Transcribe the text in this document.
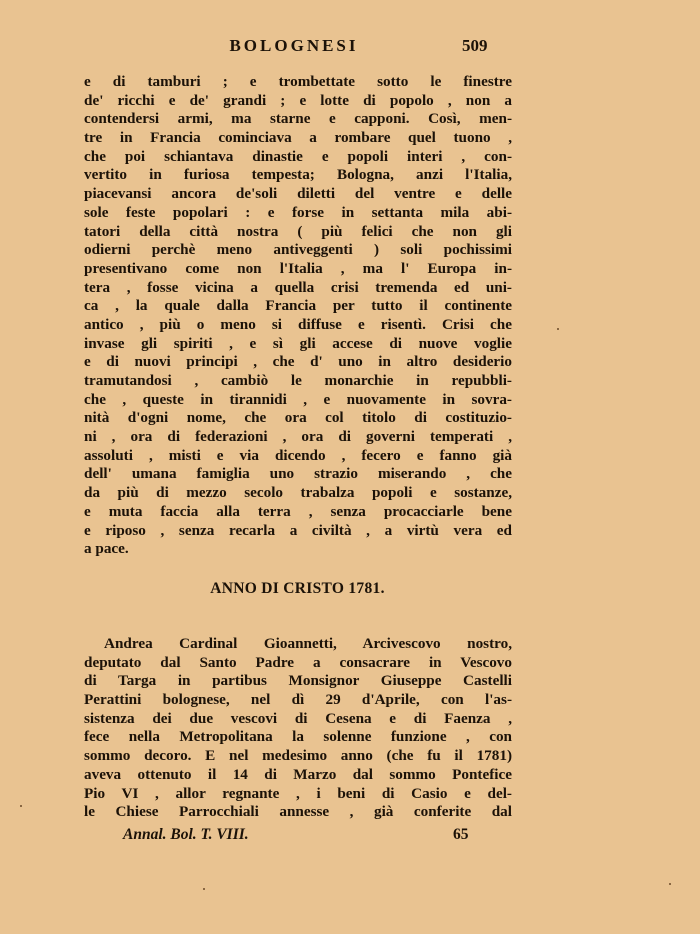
BOLOGNESI	509
e di tamburi ; e trombettate sotto le finestre
de' ricchi e de' grandi ; e lotte di popolo , non a
contendersi armi, ma starne e capponi. Così, men-
tre in Francia cominciava a rombare quel tuono ,
che poi schiantava dinastie e popoli interi , con-
vertito in furiosa tempesta; Bologna, anzi l'Italia,
piacevansi ancora de'soli diletti del ventre e delle
sole feste popolari : e forse in settanta mila abi-
tatori della città nostra ( più felici che non gli
odierni perchè meno antiveggenti ) soli pochissimi
presentivano come non l'Italia , ma l' Europa in-
tera , fosse vicina a quella crisi tremenda ed uni-
ca , la quale dalla Francia per tutto il continente
antico , più o meno si diffuse e risentì. Crisi che
invase gli spiriti , e sì gli accese di nuove voglie
e di nuovi principi , che d' uno in altro desiderio
tramutandosi , cambiò le monarchie in repubbli-
che , queste in tirannidi , e nuovamente in sovra-
nità d'ogni nome, che ora col titolo di costituzio-
ni , ora di federazioni , ora di governi temperati ,
assoluti , misti e via dicendo , fecero e fanno già
dell' umana famiglia uno strazio miserando , che
da più di mezzo secolo trabalza popoli e sostanze,
e muta faccia alla terra , senza procacciarle bene
e riposo , senza recarla a civiltà , a virtù vera ed
a pace.
ANNO DI CRISTO 1781.
Andrea Cardinal Gioannetti, Arcivescovo nostro,
deputato dal Santo Padre a consacrare in Vescovo
di Targa in partibus Monsignor Giuseppe Castelli
Perattini bolognese, nel dì 29 d'Aprile, con l'as-
sistenza dei due vescovi di Cesena e di Faenza ,
fece nella Metropolitana la solenne funzione , con
sommo decoro. E nel medesimo anno (che fu il 1781)
aveva ottenuto il 14 di Marzo dal sommo Pontefice
Pio VI , allor regnante , i beni di Casio e del-
le Chiese Parrocchiali annesse , già conferite dal
Annal. Bol. T. VIII.	65
